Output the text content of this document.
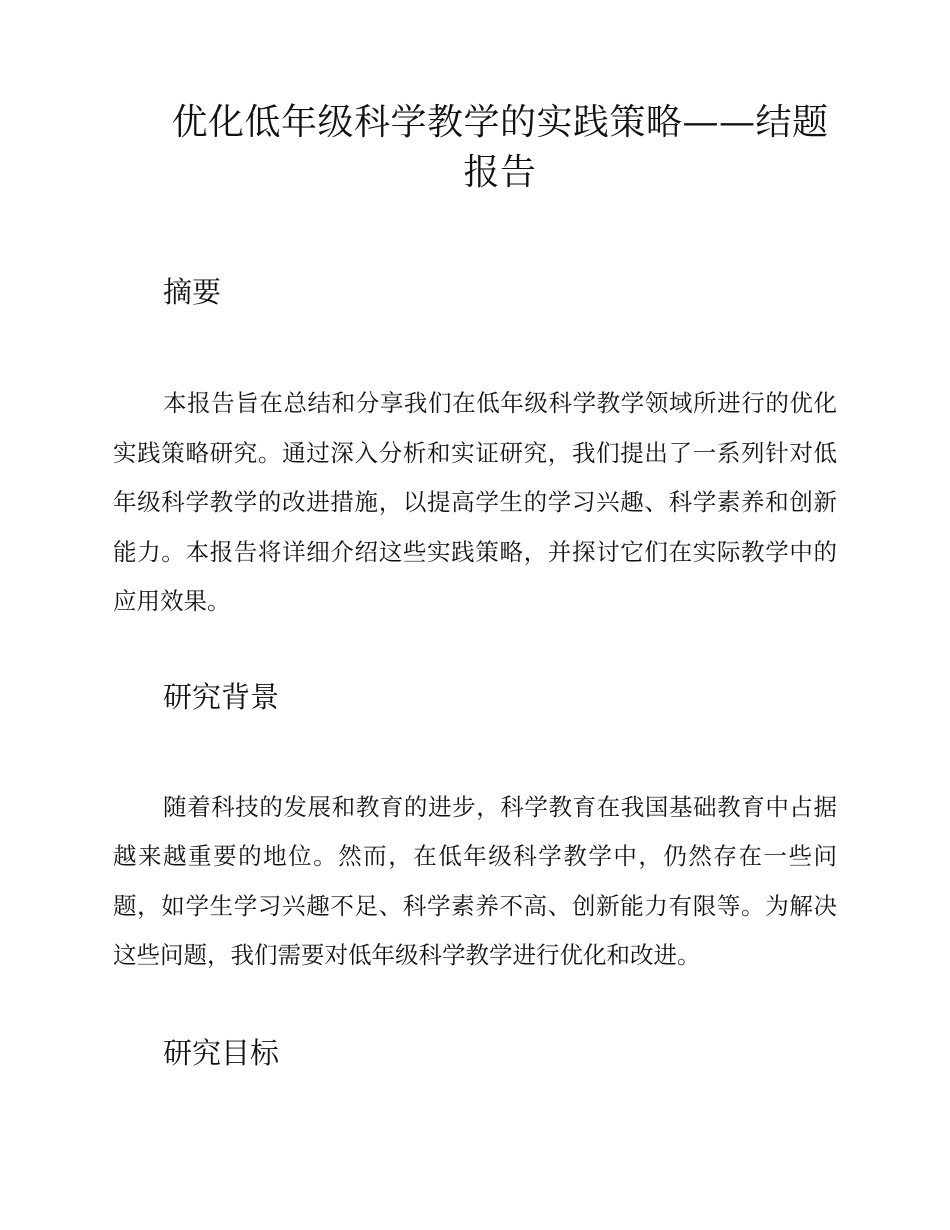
优化低年级科学教学的实践策略——结题报告
摘要

本报告旨在总结和分享我们在低年级科学教学领域所进行的优化实践策略研究。通过深入分析和实证研究，我们提出了一系列针对低年级科学教学的改进措施，以提高学生的学习兴趣、科学素养和创新能力。本报告将详细介绍这些实践策略，并探讨它们在实际教学中的应用效果。

研究背景

随着科技的发展和教育的进步，科学教育在我国基础教育中占据越来越重要的地位。然而，在低年级科学教学中，仍然存在一些问题，如学生学习兴趣不足、科学素养不高、创新能力有限等。为解决这些问题，我们需要对低年级科学教学进行优化和改进。

研究目标
